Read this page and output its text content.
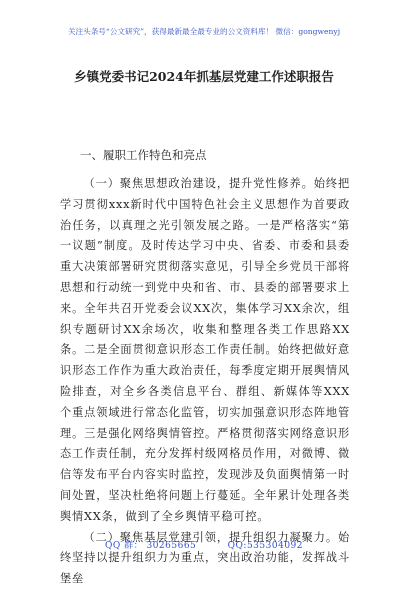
关注头条号“公文研究”，获得最新最全最专业的公文资料库！ 微信：gongwenyj
乡镇党委书记2024年抓基层党建工作述职报告
一、履职工作特色和亮点

（一）聚焦思想政治建设，提升党性修养。始终把学习贯彻xxx新时代中国特色社会主义思想作为首要政治任务，以真理之光引领发展之路。一是严格落实“第一议题”制度。及时传达学习中央、省委、市委和县委重大决策部署研究贯彻落实意见，引导全乡党员干部将思想和行动统一到党中央和省、市、县委的部署要求上来。全年共召开党委会议XX次，集体学习XX余次，组织专题研讨XX余场次，收集和整理各类工作思路XX条。二是全面贯彻意识形态工作责任制。始终把做好意识形态工作作为重大政治责任，每季度定期开展舆情风险排查，对全乡各类信息平台、群组、新媒体等XXX个重点领域进行常态化监管，切实加强意识形态阵地管理。三是强化网络舆情管控。严格贯彻落实网络意识形态工作责任制，充分发挥村级网格员作用，对微博、微信等发布平台内容实时监控，发现涉及负面舆情第一时间处置，坚决杜绝将问题上行蔓延。全年累计处理各类舆情XX条，做到了全乡舆情平稳可控。

（二）聚焦基层党建引领，提升组织力凝聚力。始终坚持以提升组织力为重点，突出政治功能，发挥战斗堡垒

QQ 群： 30265665	QQ:535304092
